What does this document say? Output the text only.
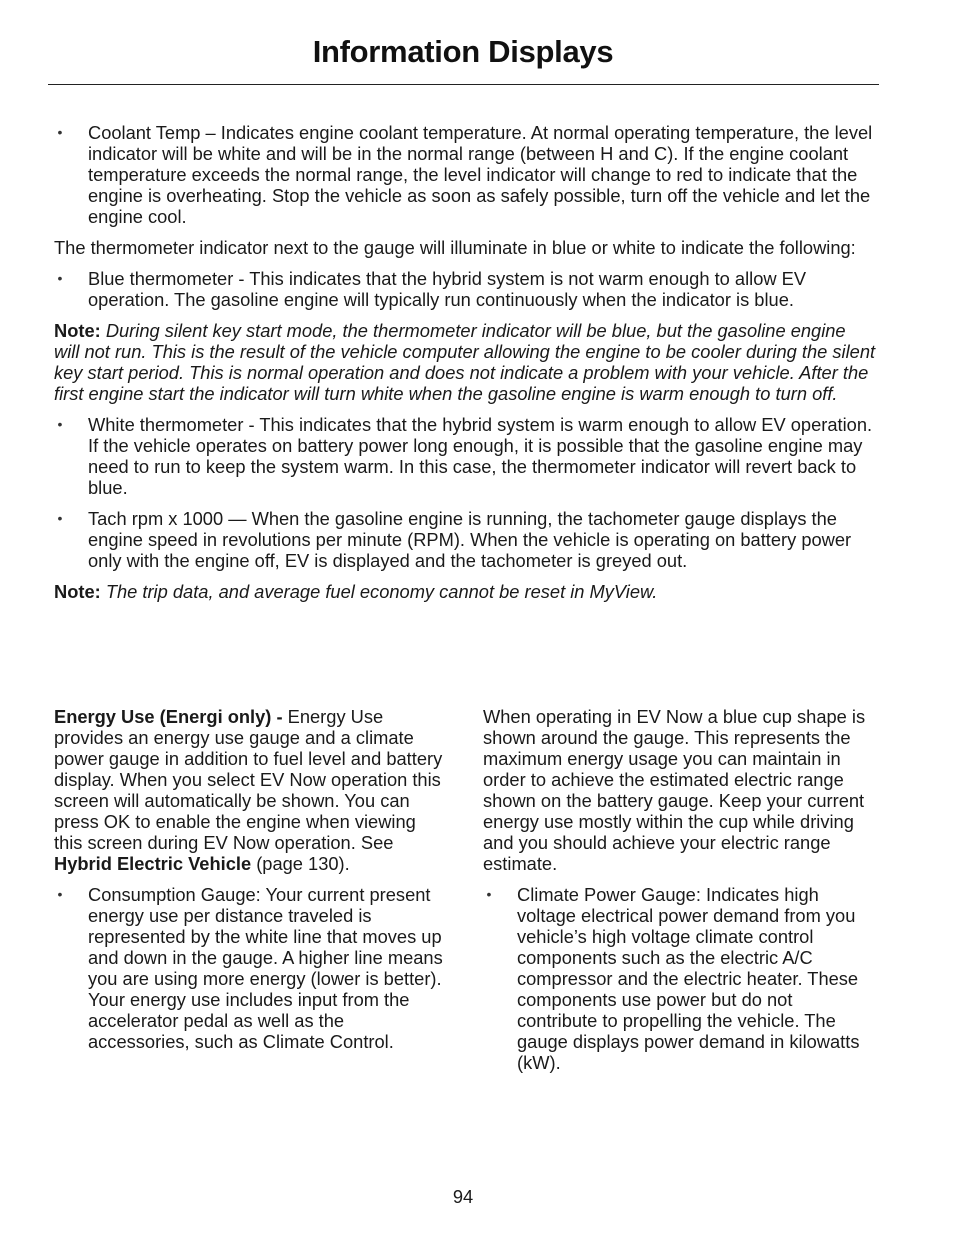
Information Displays
• Coolant Temp – Indicates engine coolant temperature. At normal operating temperature, the level indicator will be white and will be in the normal range (between H and C). If the engine coolant temperature exceeds the normal range, the level indicator will change to red to indicate that the engine is overheating. Stop the vehicle as soon as safely possible, turn off the vehicle and let the engine cool.

The thermometer indicator next to the gauge will illuminate in blue or white to indicate the following:

• Blue thermometer - This indicates that the hybrid system is not warm enough to allow EV operation. The gasoline engine will typically run continuously when the indicator is blue.

Note: During silent key start mode, the thermometer indicator will be blue, but the gasoline engine will not run. This is the result of the vehicle computer allowing the engine to be cooler during the silent key start period. This is normal operation and does not indicate a problem with your vehicle. After the first engine start the indicator will turn white when the gasoline engine is warm enough to turn off.

• White thermometer - This indicates that the hybrid system is warm enough to allow EV operation. If the vehicle operates on battery power long enough, it is possible that the gasoline engine may need to run to keep the system warm. In this case, the thermometer indicator will revert back to blue.
• Tach rpm x 1000 — When the gasoline engine is running, the tachometer gauge displays the engine speed in revolutions per minute (RPM). When the vehicle is operating on battery power only with the engine off, EV is displayed and the tachometer is greyed out.

Note: The trip data, and average fuel economy cannot be reset in MyView.

Energy Use (Energi only) - Energy Use provides an energy use gauge and a climate power gauge in addition to fuel level and battery display. When you select EV Now operation this screen will automatically be shown. You can press OK to enable the engine when viewing this screen during EV Now operation. See Hybrid Electric Vehicle (page 130).

• Consumption Gauge: Your current present energy use per distance traveled is represented by the white line that moves up and down in the gauge. A higher line means you are using more energy (lower is better). Your energy use includes input from the accelerator pedal as well as the accessories, such as Climate Control.

When operating in EV Now a blue cup shape is shown around the gauge. This represents the maximum energy usage you can maintain in order to achieve the estimated electric range shown on the battery gauge. Keep your current energy use mostly within the cup while driving and you should achieve your electric range estimate.

• Climate Power Gauge: Indicates high voltage electrical power demand from you vehicle’s high voltage climate control components such as the electric A/C compressor and the electric heater. These components use power but do not contribute to propelling the vehicle. The gauge displays power demand in kilowatts (kW).
94
